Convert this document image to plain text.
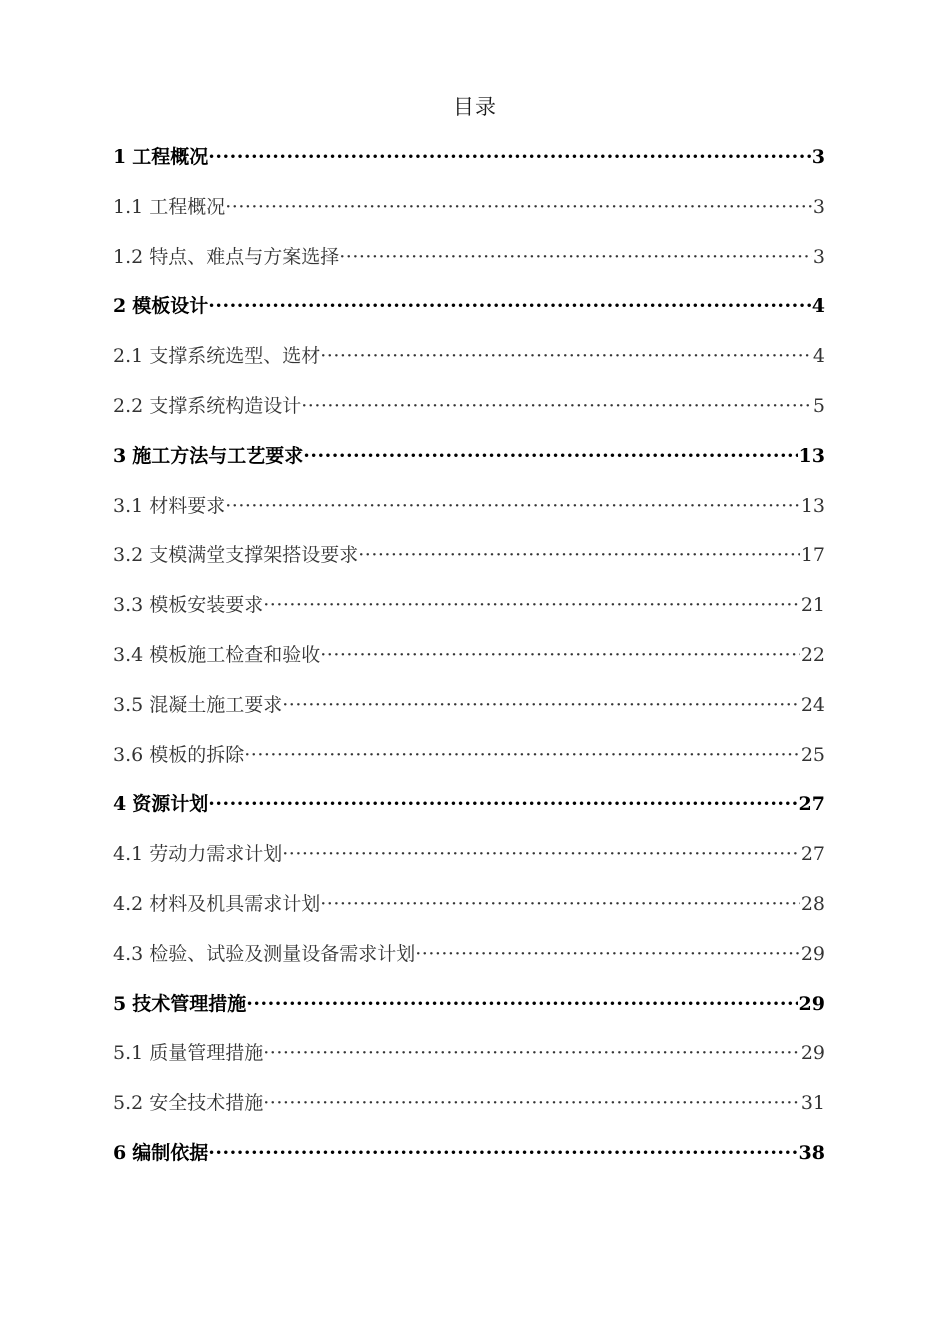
目录
1 工程概况 ·····	3
1.1 工程概况 ·····	3
1.2 特点、难点与方案选择 ·····	3
2 模板设计 ·····	4
2.1 支撑系统选型、选材 ·····	4
2.2 支撑系统构造设计 ·····	5
3 施工方法与工艺要求 ·····	13
3.1 材料要求 ·····	13
3.2 支模满堂支撑架搭设要求 ·····	17
3.3 模板安装要求 ·····	21
3.4 模板施工检查和验收 ·····	22
3.5 混凝土施工要求 ·····	24
3.6 模板的拆除 ·····	25
4 资源计划 ·····	27
4.1 劳动力需求计划 ·····	27
4.2 材料及机具需求计划 ·····	28
4.3 检验、试验及测量设备需求计划 ·····	29
5 技术管理措施 ·····	29
5.1 质量管理措施 ·····	29
5.2 安全技术措施 ·····	31
6 编制依据 ·····	38
